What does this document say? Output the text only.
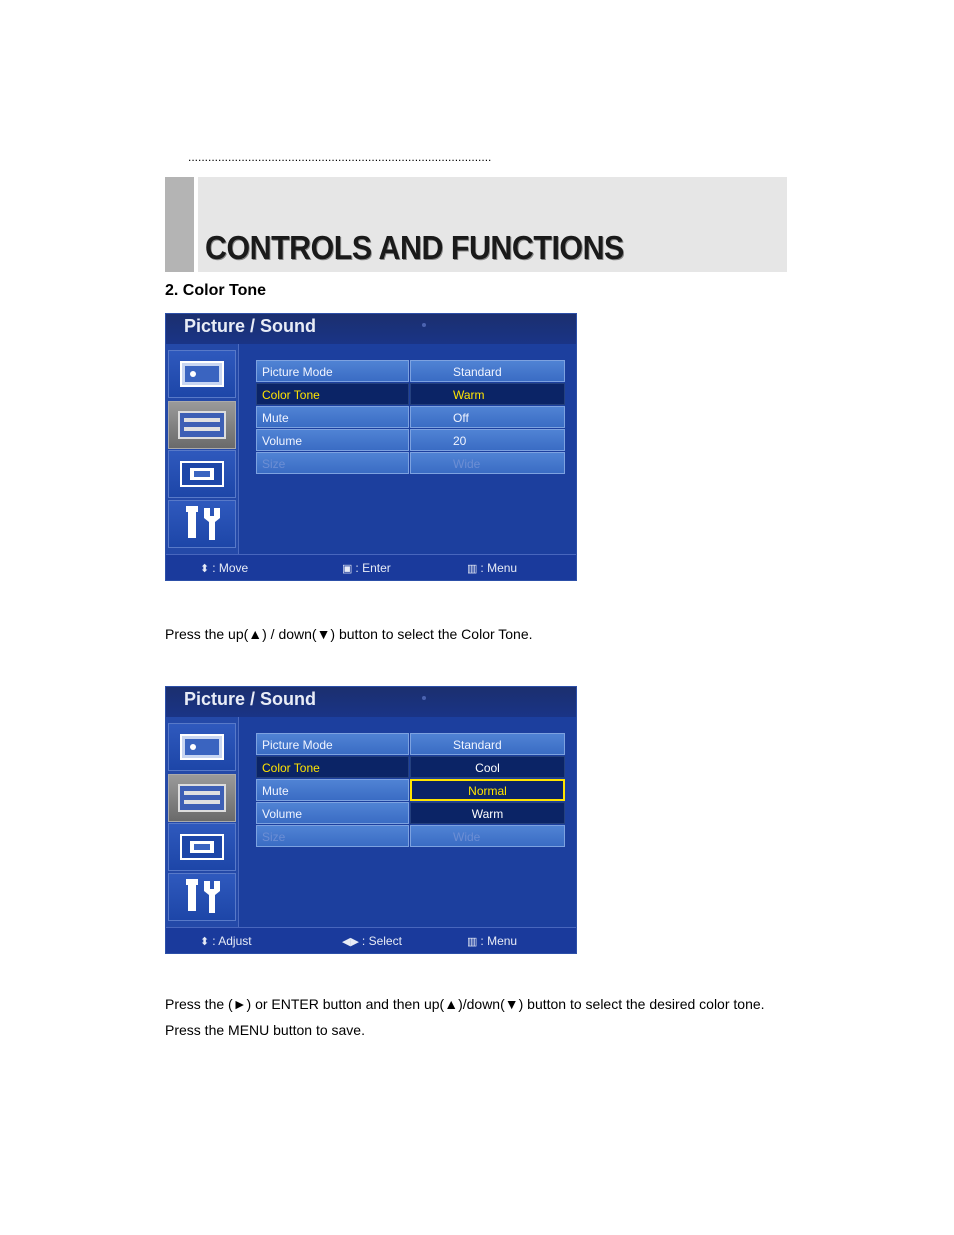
...........................................................................................
CONTROLS AND FUNCTIONS
2. Color Tone
Picture / Sound
Picture Mode	Standard
Color Tone	Warm
Mute	Off
Volume	20
Size	Wide
⬍ : Move	▣ : Enter	▥ : Menu
Press the up(▲) / down(▼) button to select the Color Tone.
Picture / Sound
Picture Mode	Standard
Color Tone	Cool
Mute	Normal
Volume	Warm
Size	Wide
⬍ : Adjust	◀▶ : Select	▥ : Menu
Press the (►) or ENTER button and then up(▲)/down(▼) button to select the desired color tone.
Press the MENU button to save.
